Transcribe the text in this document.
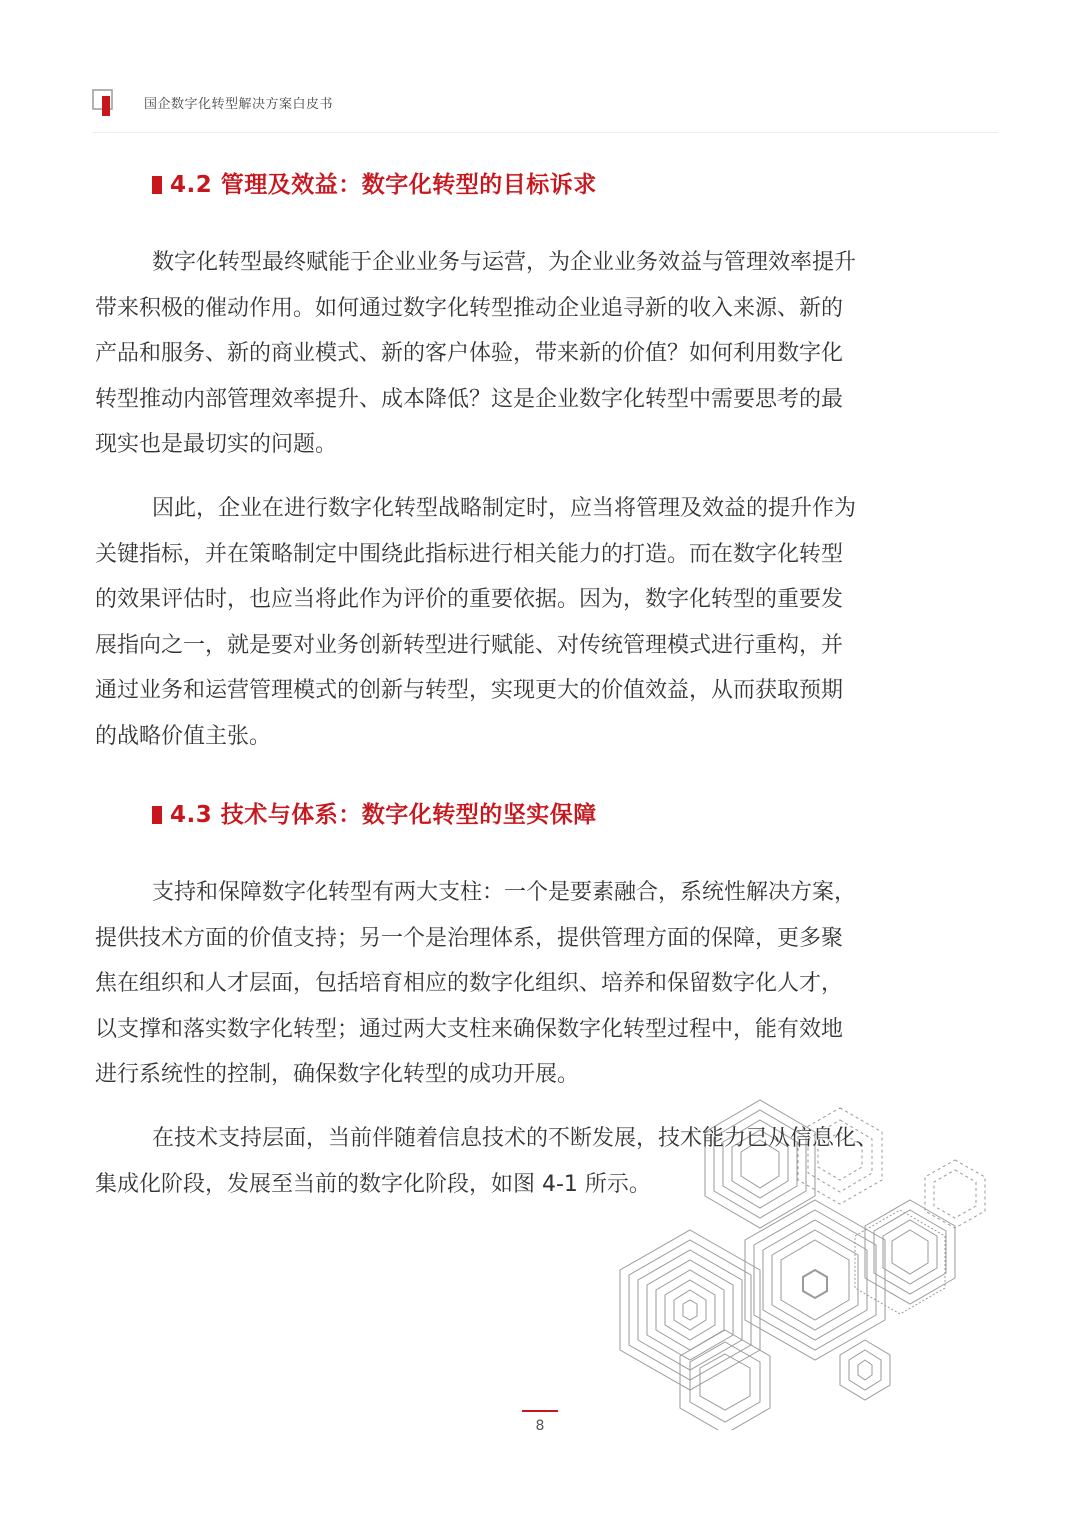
国企数字化转型解决方案白皮书
4.2 管理及效益：数字化转型的目标诉求
数字化转型最终赋能于企业业务与运营，为企业业务效益与管理效率提升
带来积极的催动作用。如何通过数字化转型推动企业追寻新的收入来源、新的
产品和服务、新的商业模式、新的客户体验，带来新的价值？如何利用数字化
转型推动内部管理效率提升、成本降低？这是企业数字化转型中需要思考的最
现实也是最切实的问题。
因此，企业在进行数字化转型战略制定时，应当将管理及效益的提升作为
关键指标，并在策略制定中围绕此指标进行相关能力的打造。而在数字化转型
的效果评估时，也应当将此作为评价的重要依据。因为，数字化转型的重要发
展指向之一，就是要对业务创新转型进行赋能、对传统管理模式进行重构，并
通过业务和运营管理模式的创新与转型，实现更大的价值效益，从而获取预期
的战略价值主张。
4.3 技术与体系：数字化转型的坚实保障
支持和保障数字化转型有两大支柱：一个是要素融合，系统性解决方案，
提供技术方面的价值支持；另一个是治理体系，提供管理方面的保障，更多聚
焦在组织和人才层面，包括培育相应的数字化组织、培养和保留数字化人才，
以支撑和落实数字化转型；通过两大支柱来确保数字化转型过程中，能有效地
进行系统性的控制，确保数字化转型的成功开展。
在技术支持层面，当前伴随着信息技术的不断发展，技术能力已从信息化、
集成化阶段，发展至当前的数字化阶段，如图 4-1 所示。
8
